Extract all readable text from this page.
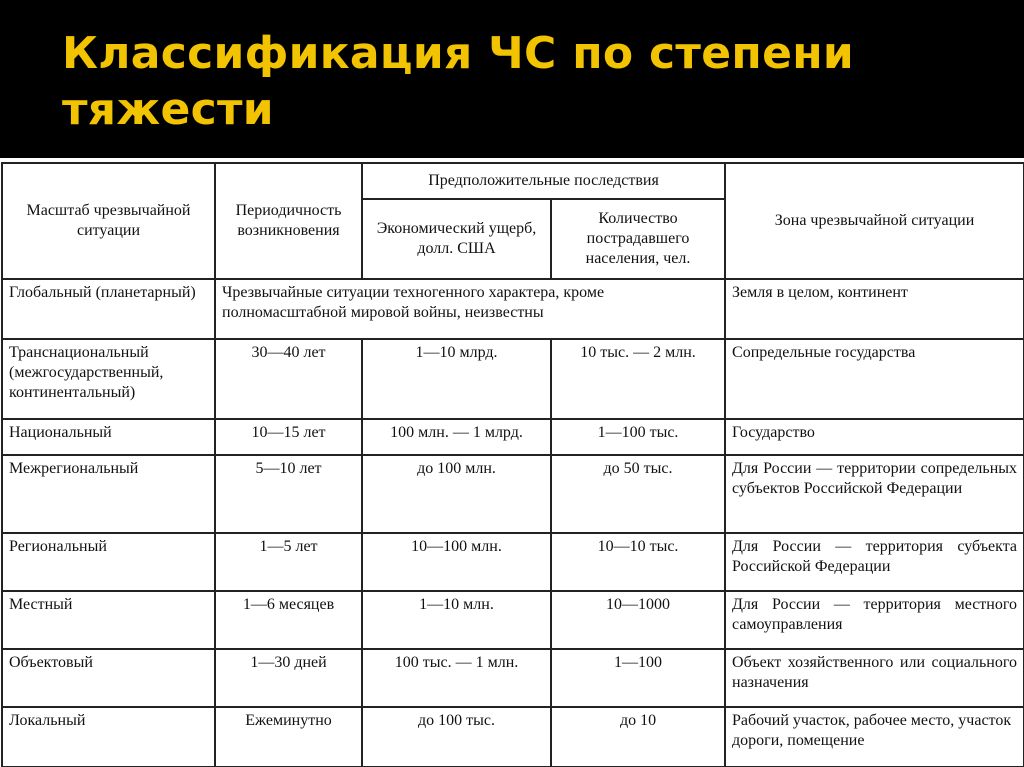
Классификация ЧС по степени тяжести
Масштаб чрезвычайной ситуации	Периодичность возникновения	Предположительные последствия		Зона чрезвычайной ситуации
		Экономический ущерб, долл. США	Количество пострадавшего населения, чел.	
Глобальный (планетарный)	Чрезвычайные ситуации техногенного характера, кроме полномасштабной мировой войны, неизвестны			Земля в целом, континент
Транснациональный (межгосударственный, континентальный)	30—40 лет	1—10 млрд.	10 тыс. — 2 млн.	Сопредельные государства
Национальный	10—15 лет	100 млн. — 1 млрд.	1—100 тыс.	Государство
Межрегиональный	5—10 лет	до 100 млн.	до 50 тыс.	Для России — территории сопредельных субъектов Российской Федерации
Региональный	1—5 лет	10—100 млн.	10—10 тыс.	Для России — территория субъекта Российской Федерации
Местный	1—6 месяцев	1—10 млн.	10—1000	Для России — территория местного самоуправления
Объектовый	1—30 дней	100 тыс. — 1 млн.	1—100	Объект хозяйственного или социального назначения
Локальный	Ежеминутно	до 100 тыс.	до 10	Рабочий участок, рабочее место, участок дороги, помещение
